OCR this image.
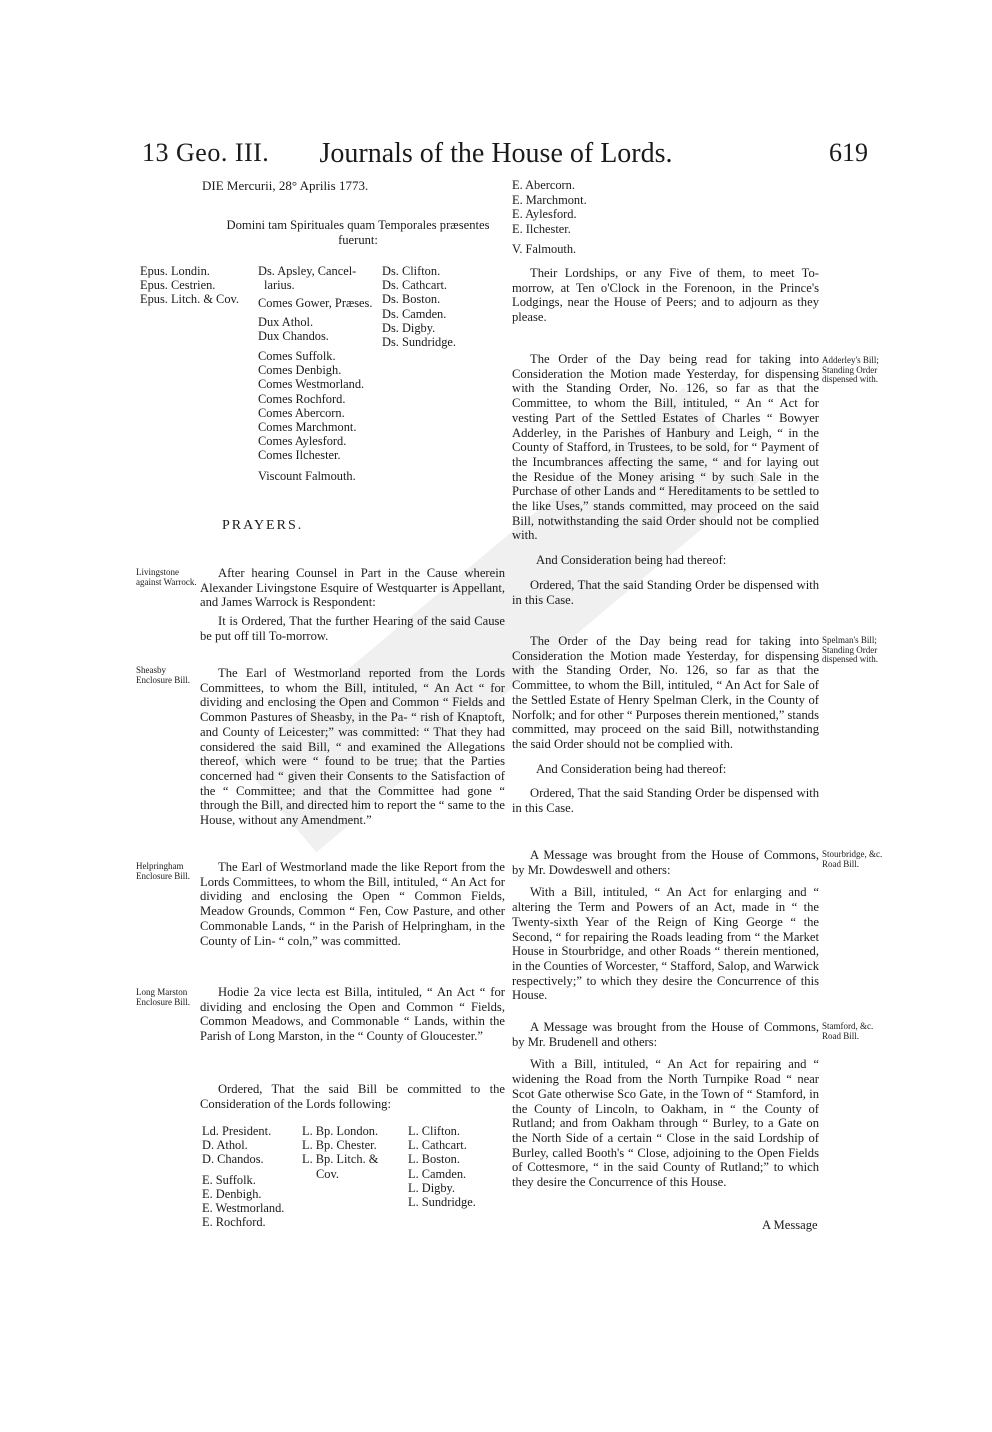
13 Geo. III.	Journals of the House of Lords.	619
DIE Mercurii, 28° Aprilis 1773.
Domini tam Spirituales quam Temporales præsentes
fuerunt:
Epus. Londin.
Epus. Cestrien.
Epus. Litch. & Cov.
Ds. Apsley, Cancel-
larius.
Comes Gower, Præses.
Dux Athol.
Dux Chandos.
Comes Suffolk.
Comes Denbigh.
Comes Westmorland.
Comes Rochford.
Comes Abercorn.
Comes Marchmont.
Comes Aylesford.
Comes Ilchester.
Viscount Falmouth.
Ds. Clifton.
Ds. Cathcart.
Ds. Boston.
Ds. Camden.
Ds. Digby.
Ds. Sundridge.
PRAYERS.

After hearing Counsel in Part in the Cause wherein Alexander Livingstone Esquire of Westquarter is Appellant, and James Warrock is Respondent:

It is Ordered, That the further Hearing of the said Cause be put off till To-morrow.

The Earl of Westmorland reported from the Lords Committees, to whom the Bill, intituled, “ An Act “ for dividing and enclosing the Open and Common “ Fields and Common Pastures of Sheasby, in the Pa- “ rish of Knaptoft, and County of Leicester;” was committed: “ That they had considered the said Bill, “ and examined the Allegations thereof, which were “ found to be true; that the Parties concerned had “ given their Consents to the Satisfaction of the “ Committee; and that the Committee had gone “ through the Bill, and directed him to report the “ same to the House, without any Amendment.”

The Earl of Westmorland made the like Report from the Lords Committees, to whom the Bill, intituled, “ An Act for dividing and enclosing the Open “ Common Fields, Meadow Grounds, Common “ Fen, Cow Pasture, and other Commonable Lands, “ in the Parish of Helpringham, in the County of Lin- “ coln,” was committed.

Hodie 2a vice lecta est Billa, intituled, “ An Act “ for dividing and enclosing the Open and Common “ Fields, Common Meadows, and Commonable “ Lands, within the Parish of Long Marston, in the “ County of Gloucester.”

Ordered, That the said Bill be committed to the Consideration of the Lords following:

Ld. President.
D. Athol.
D. Chandos.
E. Suffolk.
E. Denbigh.
E. Westmorland.
E. Rochford.
L. Bp. London.
L. Bp. Chester.
L. Bp. Litch. &
Cov.
L. Clifton.
L. Cathcart.
L. Boston.
L. Camden.
L. Digby.
L. Sundridge.
Livingstone against Warrock.
Sheasby Enclosure Bill.
Helpringham Enclosure Bill.
Long Marston Enclosure Bill.
E. Abercorn.
E. Marchmont.
E. Aylesford.
E. Ilchester.
V. Falmouth.

Their Lordships, or any Five of them, to meet To-morrow, at Ten o'Clock in the Forenoon, in the Prince's Lodgings, near the House of Peers; and to adjourn as they please.

The Order of the Day being read for taking into Consideration the Motion made Yesterday, for dispensing with the Standing Order, No. 126, so far as that the Committee, to whom the Bill, intituled, “ An “ Act for vesting Part of the Settled Estates of Charles “ Bowyer Adderley, in the Parishes of Hanbury and Leigh, “ in the County of Stafford, in Trustees, to be sold, for “ Payment of the Incumbrances affecting the same, “ and for laying out the Residue of the Money arising “ by such Sale in the Purchase of other Lands and “ Hereditaments to be settled to the like Uses,” stands committed, may proceed on the said Bill, notwithstanding the said Order should not be complied with.

And Consideration being had thereof:

Ordered, That the said Standing Order be dispensed with in this Case.

The Order of the Day being read for taking into Consideration the Motion made Yesterday, for dispensing with the Standing Order, No. 126, so far as that the Committee, to whom the Bill, intituled, “ An Act for Sale of the Settled Estate of Henry Spelman Clerk, in the County of Norfolk; and for other “ Purposes therein mentioned,” stands committed, may proceed on the said Bill, notwithstanding the said Order should not be complied with.

And Consideration being had thereof:

Ordered, That the said Standing Order be dispensed with in this Case.

A Message was brought from the House of Commons, by Mr. Dowdeswell and others:

With a Bill, intituled, “ An Act for enlarging and “ altering the Term and Powers of an Act, made in “ the Twenty-sixth Year of the Reign of King George “ the Second, “ for repairing the Roads leading from “ the Market House in Stourbridge, and other Roads “ therein mentioned, in the Counties of Worcester, “ Stafford, Salop, and Warwick respectively;” to which they desire the Concurrence of this House.

A Message was brought from the House of Commons, by Mr. Brudenell and others:

With a Bill, intituled, “ An Act for repairing and “ widening the Road from the North Turnpike Road “ near Scot Gate otherwise Sco Gate, in the Town of “ Stamford, in the County of Lincoln, to Oakham, in “ the County of Rutland; and from Oakham through “ Burley, to a Gate on the North Side of a certain “ Close in the said Lordship of Burley, called Booth's “ Close, adjoining to the Open Fields of Cottesmore, “ in the said County of Rutland;” to which they desire the Concurrence of this House.

A Message
Adderley's Bill; Standing Order dispensed with.
Spelman's Bill; Standing Order dispensed with.
Stourbridge, &c. Road Bill.
Stamford, &c. Road Bill.
